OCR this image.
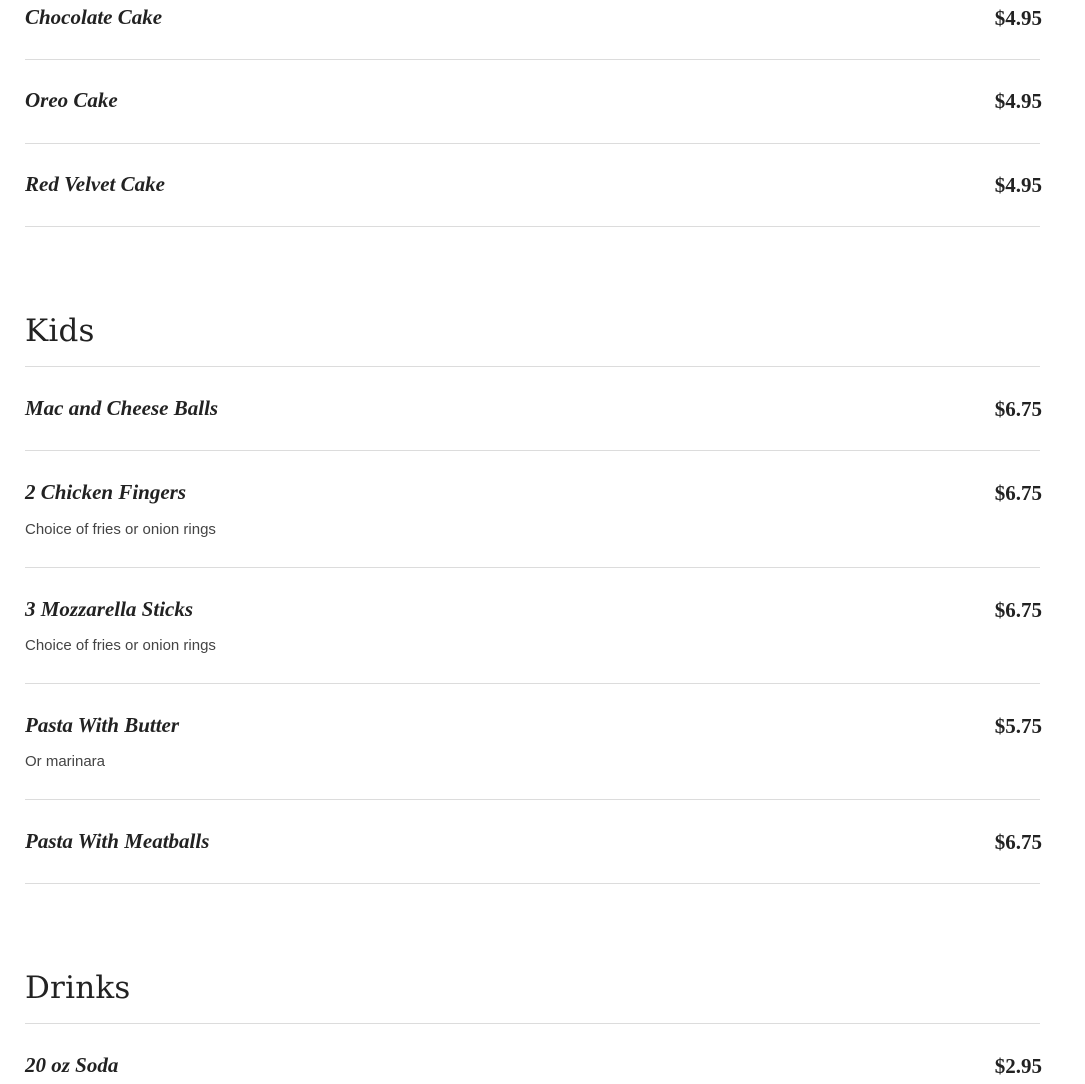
Chocolate Cake	$4.95
Oreo Cake	$4.95
Red Velvet Cake	$4.95
Kids
Mac and Cheese Balls	$6.75
2 Chicken Fingers	$6.75
Choice of fries or onion rings
3 Mozzarella Sticks	$6.75
Choice of fries or onion rings
Pasta With Butter	$5.75
Or marinara
Pasta With Meatballs	$6.75
Drinks
20 oz Soda	$2.95
